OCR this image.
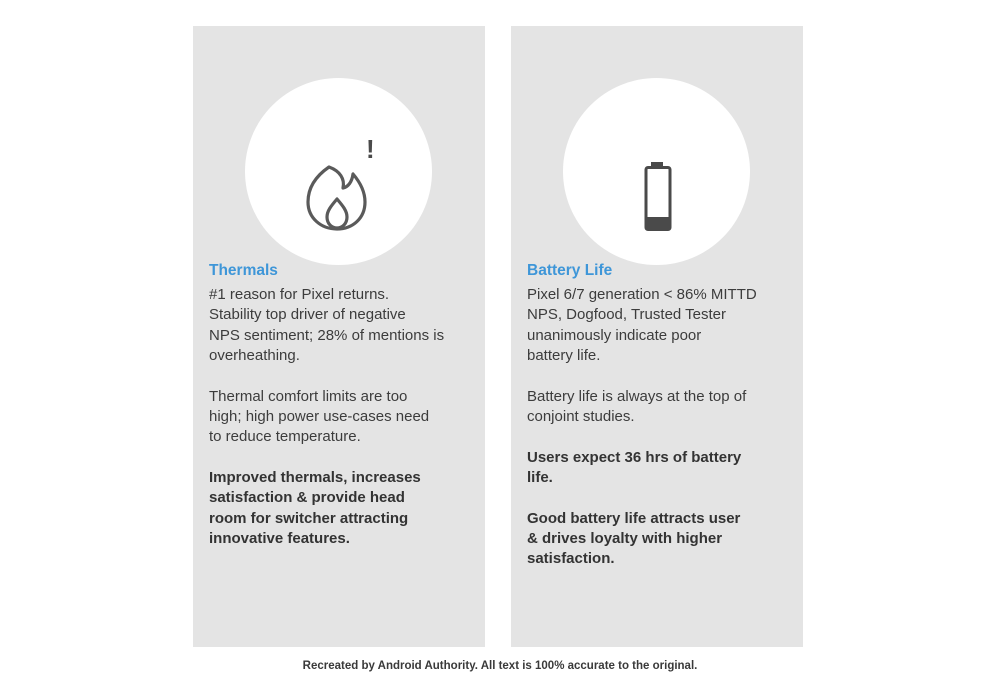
!
Thermals

#1 reason for Pixel returns.
Stability top driver of negative
NPS sentiment; 28% of mentions is
overheathing.

Thermal comfort limits are too
high; high power use-cases need
to reduce temperature.

Improved thermals, increases
satisfaction & provide head
room for switcher attracting
innovative features.

Battery Life

Pixel 6/7 generation < 86% MITTD
NPS, Dogfood, Trusted Tester
unanimously indicate poor
battery life.

Battery life is always at the top of
conjoint studies.

Users expect 36 hrs of battery
life.

Good battery life attracts user
& drives loyalty with higher
satisfaction.

Recreated by Android Authority. All text is 100% accurate to the original.
